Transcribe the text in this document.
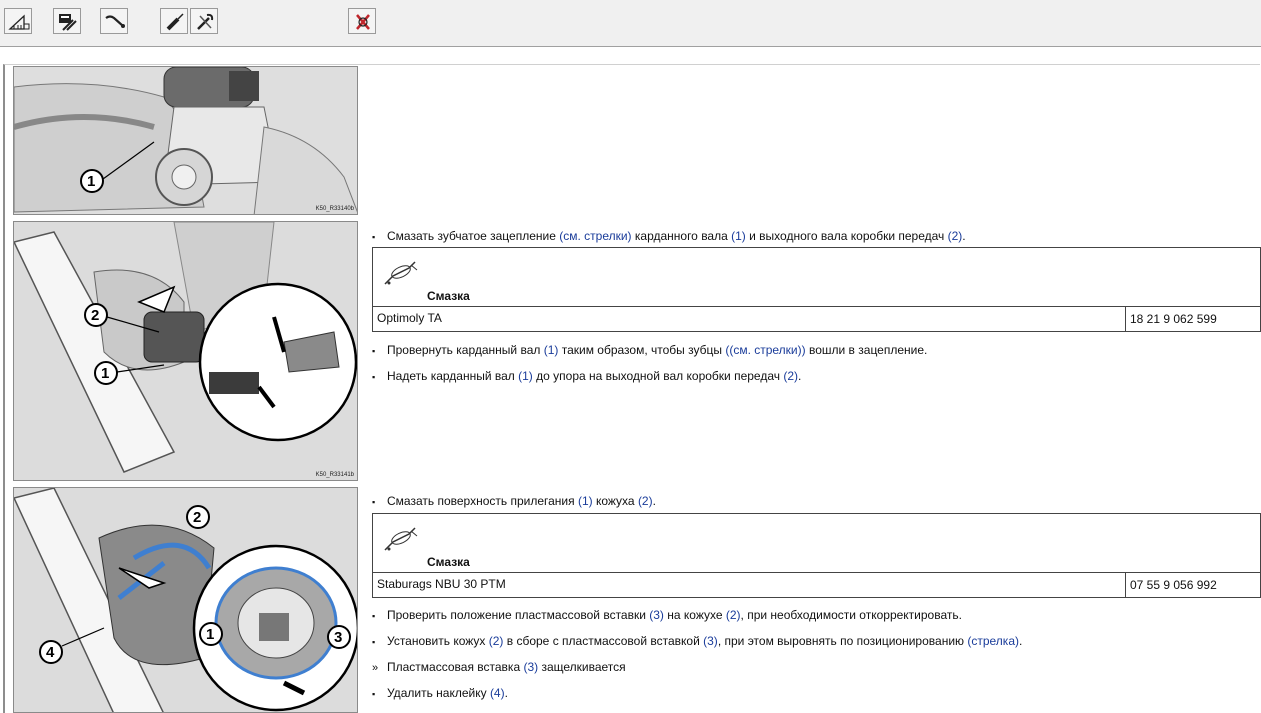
1
K50_R33140b
2
1
K50_R33141b
2
4
1	3
▪ Смазать зубчатое зацепление (см. стрелки) карданного вала (1) и выходного вала коробки передач (2).
Смазка
Optimoly TA	18 21 9 062 599
▪ Провернуть карданный вал (1) таким образом, чтобы зубцы ((см. стрелки)) вошли в зацепление.
▪ Надеть карданный вал (1) до упора на выходной вал коробки передач (2).
▪ Смазать поверхность прилегания (1) кожуха (2).
Смазка
Staburags NBU 30 PTM	07 55 9 056 992
▪ Проверить положение пластмассовой вставки (3) на кожухе (2), при необходимости откорректировать.
▪ Установить кожух (2) в сборе с пластмассовой вставкой (3), при этом выровнять по позиционированию (стрелка).
» Пластмассовая вставка (3) защелкивается
▪ Удалить наклейку (4).
